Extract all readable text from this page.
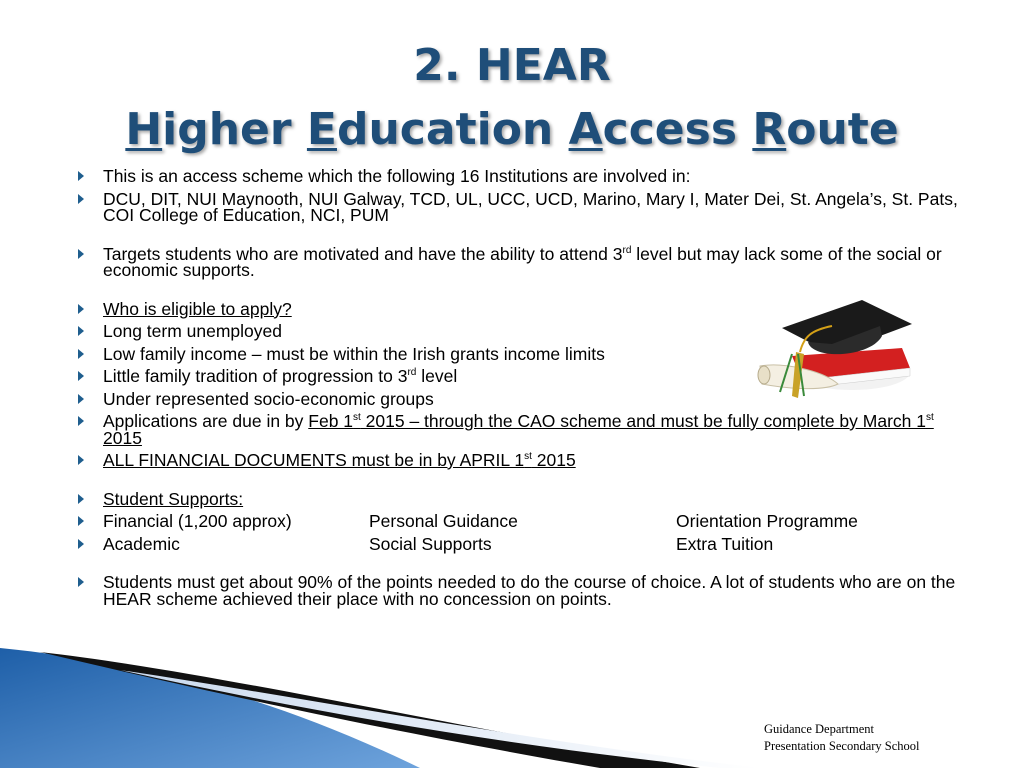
2. HEAR
Higher Education Access Route
This is an access scheme which the following 16 Institutions are involved in:
DCU, DIT, NUI Maynooth, NUI Galway, TCD, UL, UCC, UCD, Marino, Mary I, Mater Dei, St. Angela’s, St. Pats, COI College of Education, NCI, PUM
Targets students who are motivated and have the ability to attend 3rd level but may lack some of the social or economic supports.
Who is eligible to apply?
Long term unemployed
Low family income – must be within the Irish grants income limits
Little family tradition of progression to 3rd level
Under represented socio-economic groups
Applications are due in by Feb 1st 2015 – through the CAO scheme and must be fully complete by March 1st 2015
ALL FINANCIAL DOCUMENTS must be in by APRIL 1st 2015
Student Supports:
Financial (1,200 approx)	Personal Guidance	Orientation Programme
Academic	Social Supports	Extra Tuition
Students must get about 90% of the points needed to do the course of choice. A lot of students who are on the HEAR scheme achieved their place with no concession on points.
Guidance Department
Presentation Secondary School
